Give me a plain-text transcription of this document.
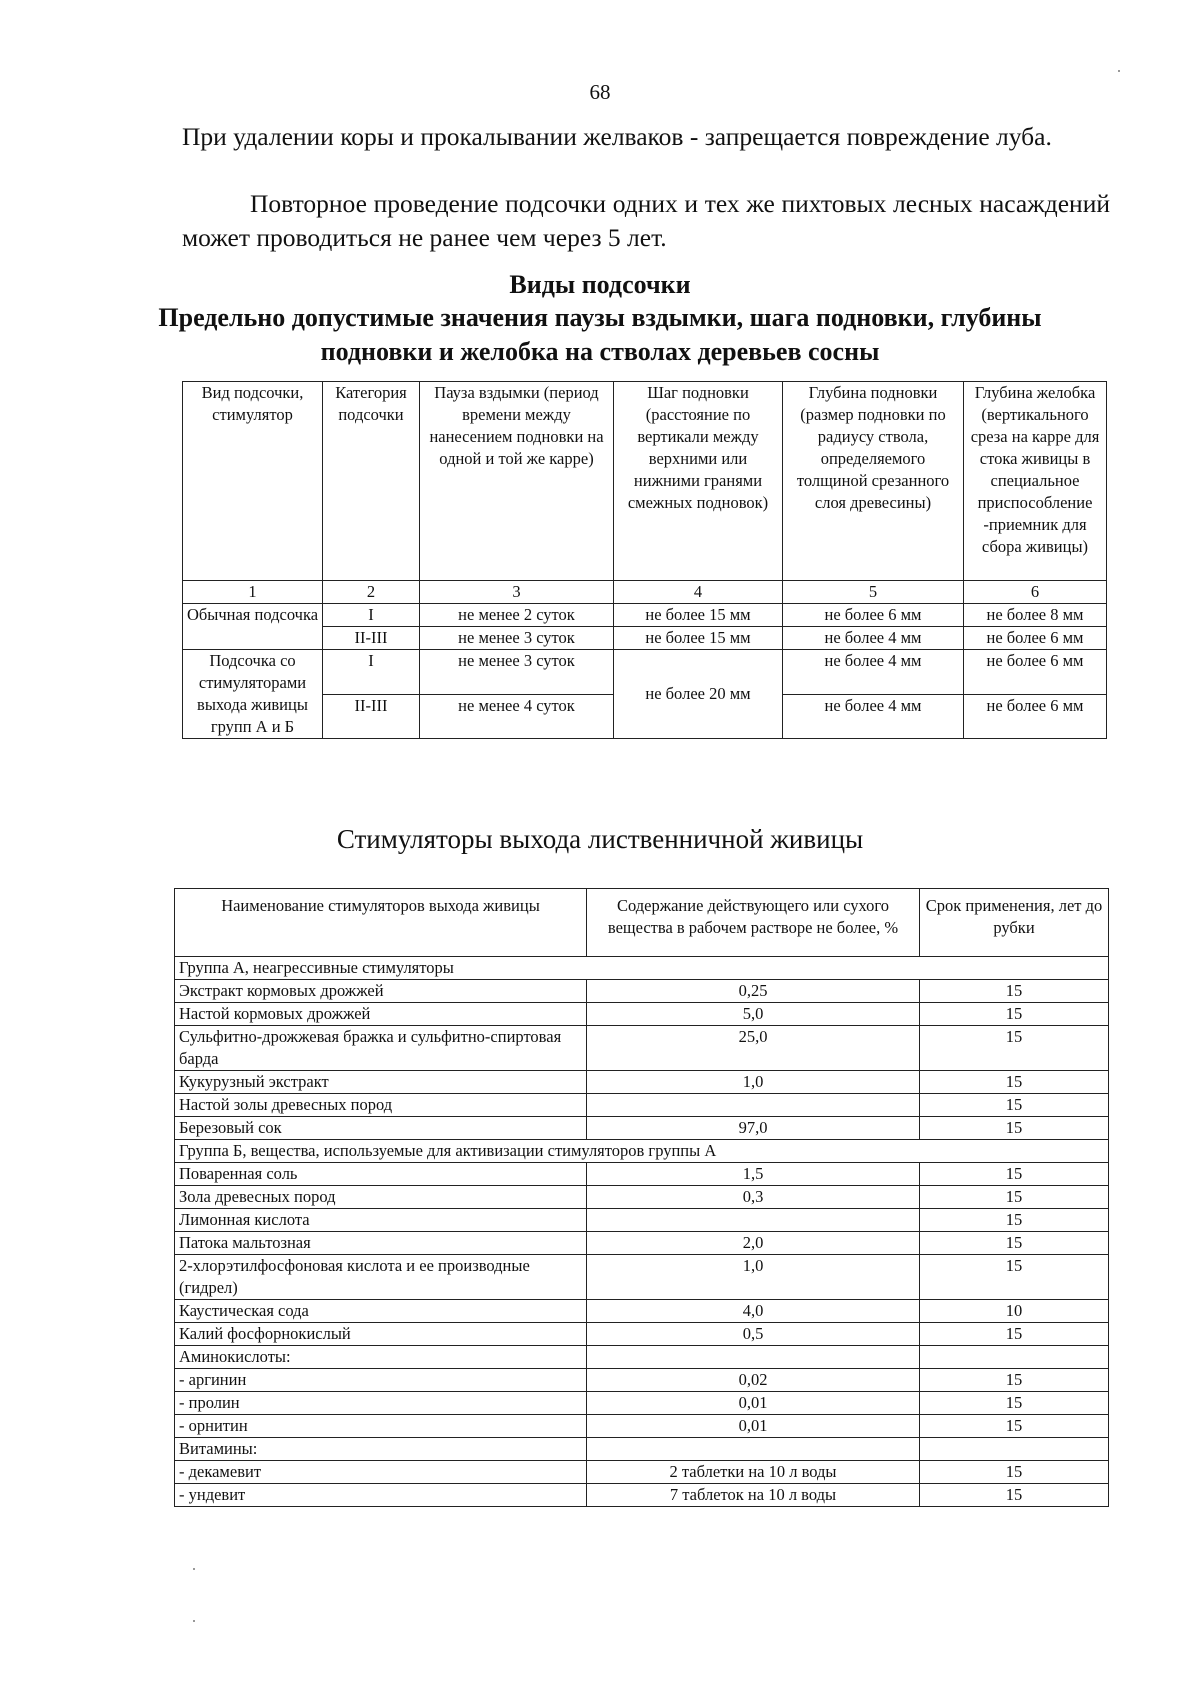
68
При удалении коры и прокалывании желваков - запрещается повреждение луба.
Повторное проведение подсочки одних и тех же пихтовых лесных насаждений может проводиться не ранее чем через 5 лет.
Виды подсочки
Предельно допустимые значения паузы вздымки, шага подновки, глубины подновки и желобка на стволах деревьев сосны
Вид подсочки, стимулятор	Категория подсочки	Пауза вздымки (период времени между нанесением подновки на одной и той же карре)	Шаг подновки (расстояние по вертикали между верхними или нижними гранями смежных подновок)	Глубина подновки (размер подновки по радиусу ствола, определяемого толщиной срезанного слоя древесины)	Глубина желобка (вертикального среза на карре для стока живицы в специальное приспособление -приемник для сбора живицы)
1	2	3	4	5	6
Обычная подсочка	I	не менее 2 суток	не более 15 мм	не более 6 мм	не более 8 мм
	II-III	не менее 3 суток	не более 15 мм	не более 4 мм	не более 6 мм
Подсочка со стимуляторами выхода живицы групп А и Б	I	не менее 3 суток	не более 20 мм	не более 4 мм	не более 6 мм
	II-III	не менее 4 суток		не более 4 мм	не более 6 мм
Стимуляторы выхода лиственничной живицы
Наименование стимуляторов выхода живицы	Содержание действующего или сухого вещества в рабочем растворе не более, %	Срок применения, лет до рубки
Группа А, неагрессивные стимуляторы		
Экстракт кормовых дрожжей	0,25	15
Настой кормовых дрожжей	5,0	15
Сульфитно-дрожжевая бражка и сульфитно-спиртовая барда	25,0	15
Кукурузный экстракт	1,0	15
Настой золы древесных пород		15
Березовый сок	97,0	15
Группа Б, вещества, используемые для активизации стимуляторов группы А		
Поваренная соль	1,5	15
Зола древесных пород	0,3	15
Лимонная кислота		15
Патока мальтозная	2,0	15
2-хлорэтилфосфоновая кислота и ее производные (гидрел)	1,0	15
Каустическая сода	4,0	10
Калий фосфорнокислый	0,5	15
Аминокислоты:		
- аргинин	0,02	15
- пролин	0,01	15
- орнитин	0,01	15
Витамины:		
- декамевит	2 таблетки на 10 л воды	15
- ундевит	7 таблеток на 10 л воды	15
